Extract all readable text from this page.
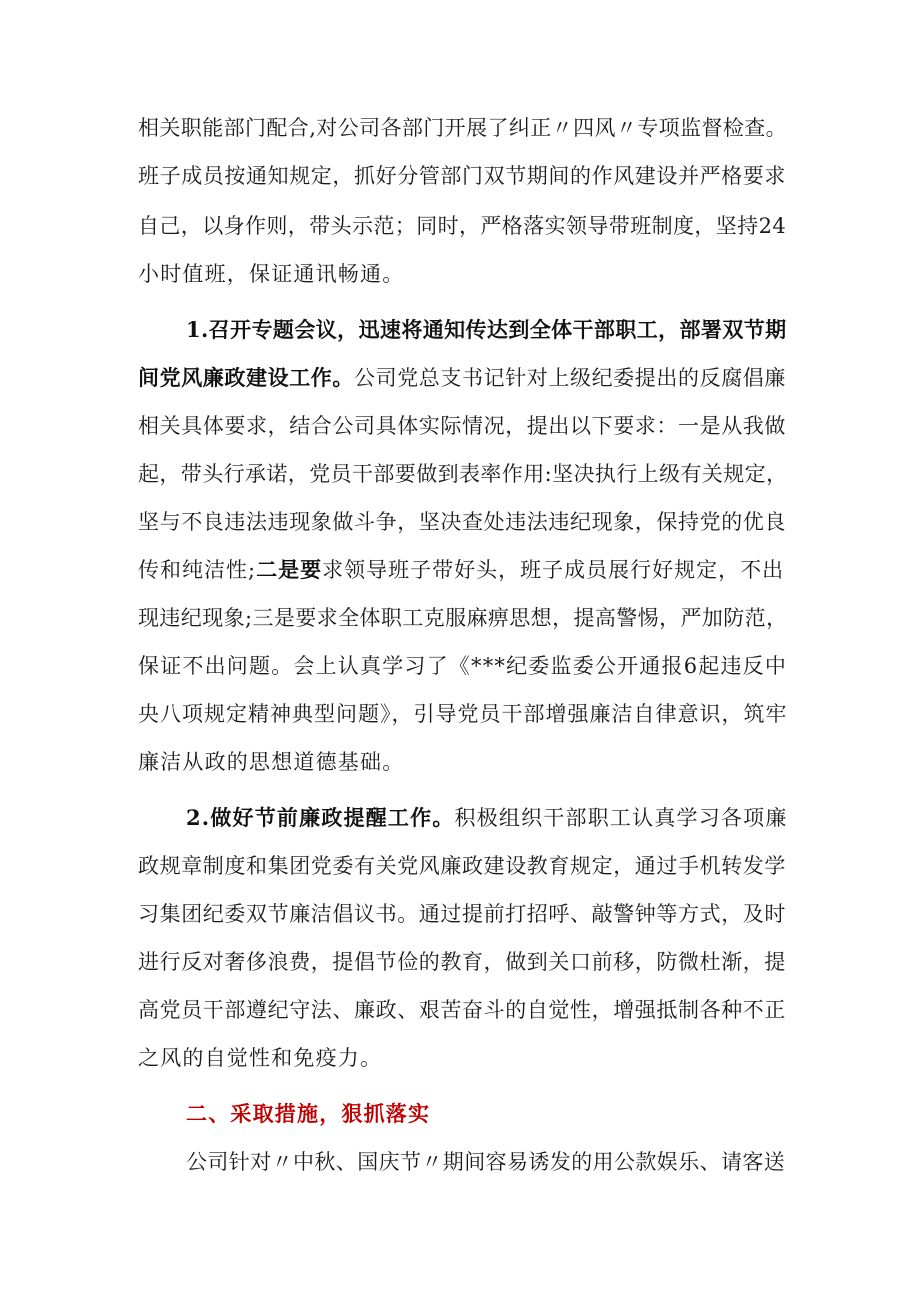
相关职能部门配合,对公司各部门开展了纠正〃四风〃专项监督检查。
班子成员按通知规定，抓好分管部门双节期间的作风建设并严格要求
自己，以身作则，带头示范；同时，严格落实领导带班制度，坚持24
小时值班，保证通讯畅通。
1.召开专题会议，迅速将通知传达到全体干部职工，部署双节期
间党风廉政建设工作。公司党总支书记针对上级纪委提出的反腐倡廉
相关具体要求，结合公司具体实际情况，提出以下要求：一是从我做
起，带头行承诺，党员干部要做到表率作用:坚决执行上级有关规定，
坚与不良违法违现象做斗争，坚决查处违法违纪现象，保持党的优良
传和纯洁性;二是要求领导班子带好头，班子成员展行好规定，不出
现违纪现象;三是要求全体职工克服麻痹思想，提高警惕，严加防范，
保证不出问题。会上认真学习了《***纪委监委公开通报6起违反中
央八项规定精神典型问题》，引导党员干部增强廉洁自律意识，筑牢
廉洁从政的思想道德基础。
2.做好节前廉政提醒工作。积极组织干部职工认真学习各项廉
政规章制度和集团党委有关党风廉政建设教育规定，通过手机转发学
习集团纪委双节廉洁倡议书。通过提前打招呼、敲警钟等方式，及时
进行反对奢侈浪费，提倡节俭的教育，做到关口前移，防微杜渐，提
高党员干部遵纪守法、廉政、艰苦奋斗的自觉性，增强抵制各种不正
之风的自觉性和免疫力。
二、采取措施，狠抓落实
公司针对〃中秋、国庆节〃期间容易诱发的用公款娱乐、请客送
